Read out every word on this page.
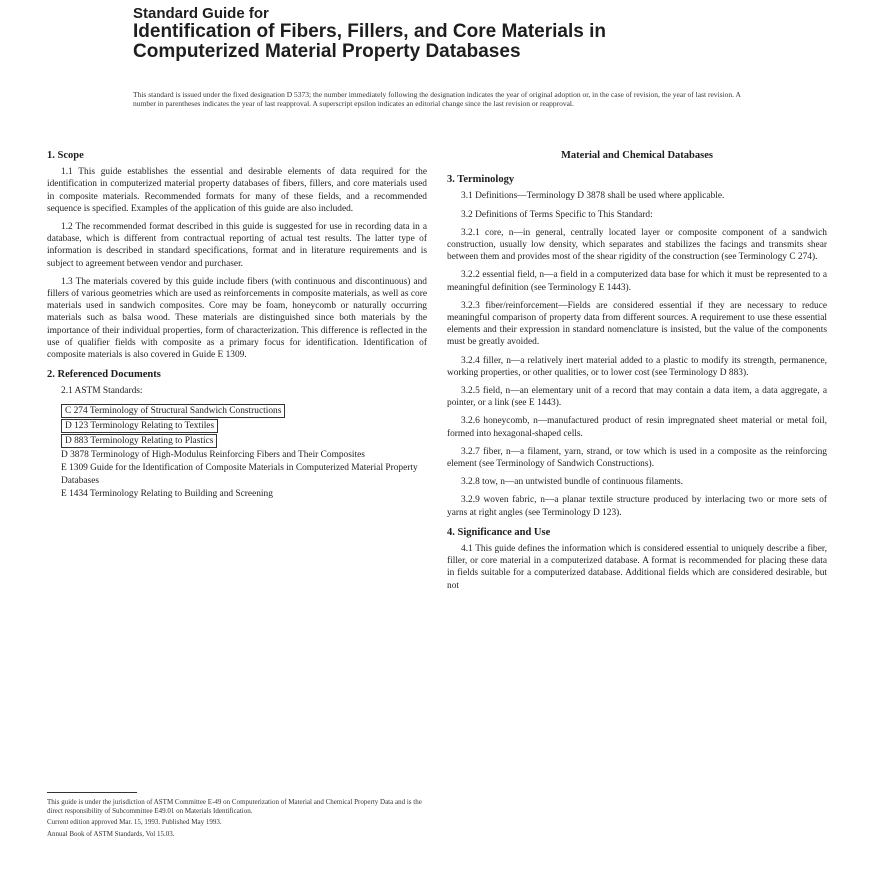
Standard Guide for

Identification of Fibers, Fillers, and Core Materials in

Computerized Material Property Databases

This standard is issued under the fixed designation D 5373; the number immediately following the designation indicates the year of original adoption or, in the case of revision, the year of last revision. A number in parentheses indicates the year of last reapproval. A superscript epsilon indicates an editorial change since the last revision or reapproval.

1. Scope

1.1 This guide establishes the essential and desirable elements of data required for the identification in computerized material property databases of fibers, fillers, and core materials used in composite materials. Recommended formats for many of these fields, and a recommended sequence is specified. Examples of the application of this guide are also included.

1.2 The recommended format described in this guide is suggested for use in recording data in a database, which is different from contractual reporting of actual test results. The latter type of information is described in standard specifications, format and in literature requirements and is subject to agreement between vendor and purchaser.

1.3 The materials covered by this guide include fibers (with continuous and discontinuous) and fillers of various geometries which are used as reinforcements in composite materials, as well as core materials used in sandwich composites. Core may be foam, honeycomb or naturally occurring materials such as balsa wood. These materials are distinguished since both materials by the importance of their individual properties, form of characterization. This difference is reflected in the use of qualifier fields with composite as a primary focus for identification. Identification of composite materials is also covered in Guide E 1309.

2. Referenced Documents

2.1 ASTM Standards:

C 274 Terminology of Structural Sandwich Constructions
D 123 Terminology Relating to Textiles
D 883 Terminology Relating to Plastics
D 3878 Terminology of High-Modulus Reinforcing Fibers and Their Composites
E 1309 Guide for the Identification of Composite Materials in Computerized Material Property Databases
E 1434 Terminology Relating to Building and Screening

Material and Chemical Databases

3. Terminology

3.1 Definitions—Terminology D 3878 shall be used where applicable.

3.2 Definitions of Terms Specific to This Standard:

3.2.1 core, n—in general, centrally located layer or composite component of a sandwich construction, usually low density, which separates and stabilizes the facings and transmits shear between them and provides most of the shear rigidity of the construction (see Terminology C 274).

3.2.2 essential field, n—a field in a computerized data base for which it must be represented to a meaningful definition (see Terminology E 1443).

3.2.3 fiber/reinforcement—Fields are considered essential if they are necessary to reduce meaningful comparison of property data from different sources. A requirement to use these essential elements and their expression in standard nomenclature is insisted, but the value of the components must be greatly avoided.

3.2.4 filler, n—a relatively inert material added to a plastic to modify its strength, permanence, working properties, or other qualities, or to lower cost (see Terminology D 883).

3.2.5 field, n—an elementary unit of a record that may contain a data item, a data aggregate, a pointer, or a link (see E 1443).

3.2.6 honeycomb, n—manufactured product of resin impregnated sheet material or metal foil, formed into hexagonal-shaped cells.

3.2.7 fiber, n—a filament, yarn, strand, or tow which is used in a composite as the reinforcing element (see Terminology of Sandwich Constructions).

3.2.8 tow, n—an untwisted bundle of continuous filaments.

3.2.9 woven fabric, n—a planar textile structure produced by interlacing two or more sets of yarns at right angles (see Terminology D 123).

4. Significance and Use

4.1 This guide defines the information which is considered essential to uniquely describe a fiber, filler, or core material in a computerized database. A format is recommended for placing these data in fields suitable for a computerized database. Additional fields which are considered desirable, but not

This guide is under the jurisdiction of ASTM Committee E-49 on Computerization of Material and Chemical Property Data and is the direct responsibility of Subcommittee E49.01 on Materials Identification.

Current edition approved Mar. 15, 1993. Published May 1993.

Annual Book of ASTM Standards, Vol 15.03.
